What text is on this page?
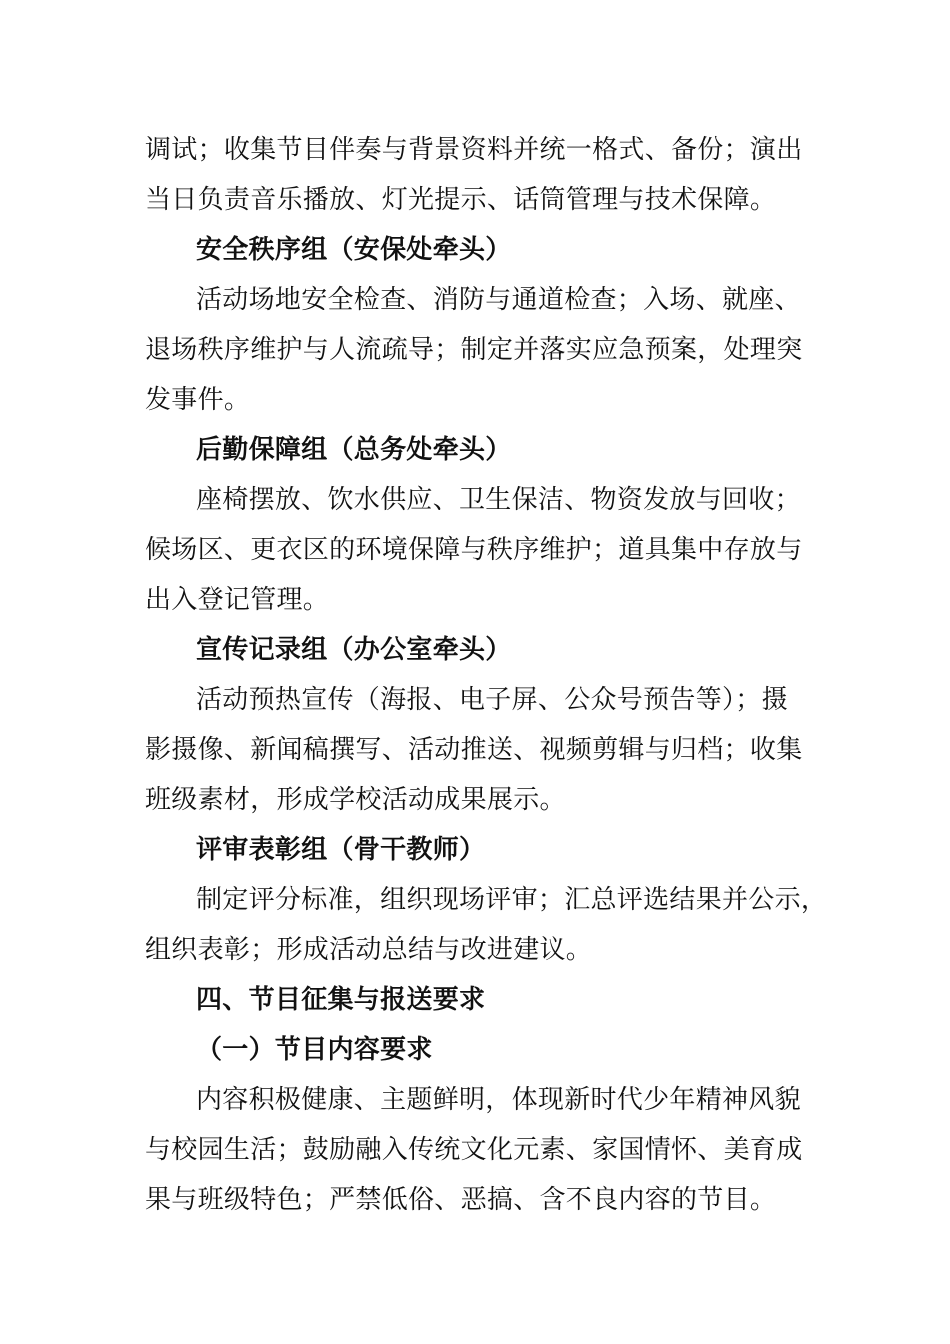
调试；收集节目伴奏与背景资料并统一格式、备份；演出
当日负责音乐播放、灯光提示、话筒管理与技术保障。
安全秩序组（安保处牵头）
活动场地安全检查、消防与通道检查；入场、就座、
退场秩序维护与人流疏导；制定并落实应急预案，处理突
发事件。
后勤保障组（总务处牵头）
座椅摆放、饮水供应、卫生保洁、物资发放与回收；
候场区、更衣区的环境保障与秩序维护；道具集中存放与
出入登记管理。
宣传记录组（办公室牵头）
活动预热宣传（海报、电子屏、公众号预告等）；摄
影摄像、新闻稿撰写、活动推送、视频剪辑与归档；收集
班级素材，形成学校活动成果展示。
评审表彰组（骨干教师）
制定评分标准，组织现场评审；汇总评选结果并公示，
组织表彰；形成活动总结与改进建议。
四、节目征集与报送要求
（一）节目内容要求
内容积极健康、主题鲜明，体现新时代少年精神风貌
与校园生活；鼓励融入传统文化元素、家国情怀、美育成
果与班级特色；严禁低俗、恶搞、含不良内容的节目。
